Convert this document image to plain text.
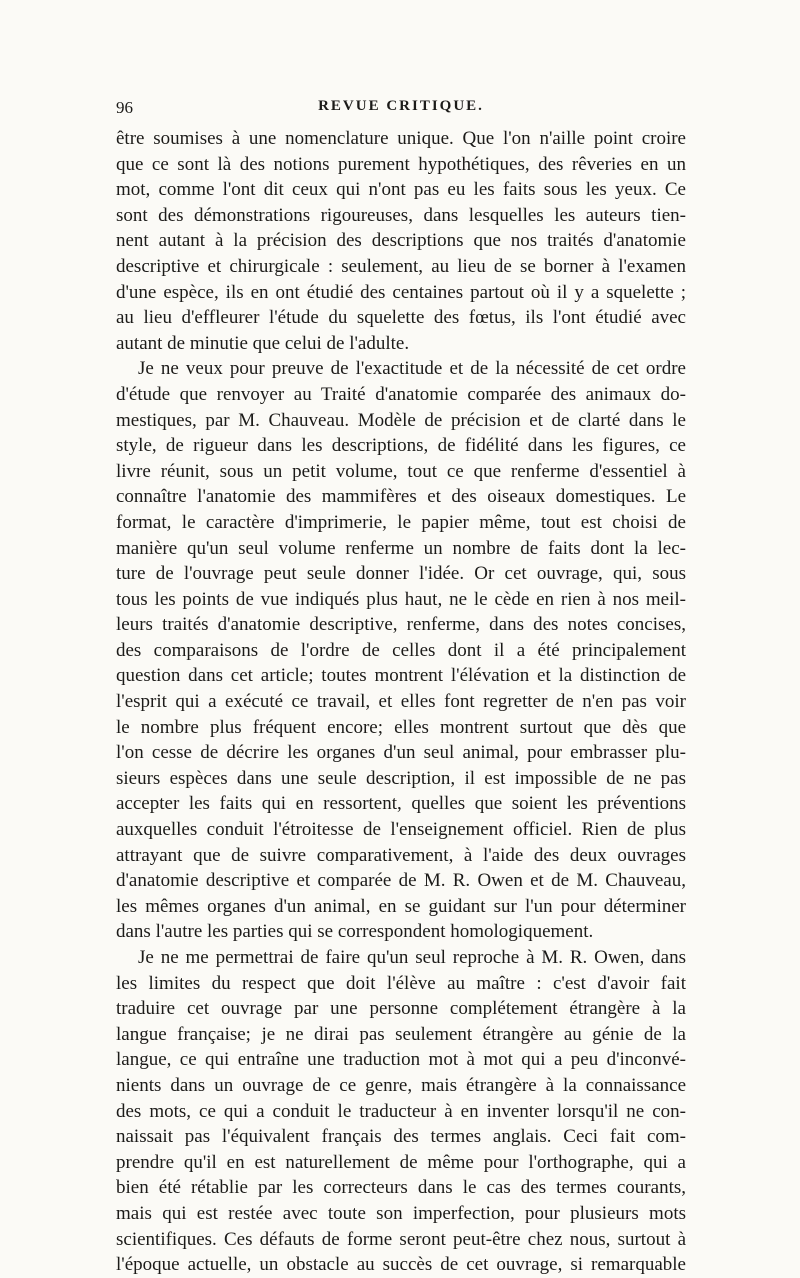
96	REVUE CRITIQUE.
être soumises à une nomenclature unique. Que l'on n'aille point croire
que ce sont là des notions purement hypothétiques, des rêveries en un
mot, comme l'ont dit ceux qui n'ont pas eu les faits sous les yeux. Ce
sont des démonstrations rigoureuses, dans lesquelles les auteurs tien-
nent autant à la précision des descriptions que nos traités d'anatomie
descriptive et chirurgicale : seulement, au lieu de se borner à l'examen
d'une espèce, ils en ont étudié des centaines partout où il y a squelette ;
au lieu d'effleurer l'étude du squelette des fœtus, ils l'ont étudié avec
autant de minutie que celui de l'adulte.
Je ne veux pour preuve de l'exactitude et de la nécessité de cet ordre
d'étude que renvoyer au Traité d'anatomie comparée des animaux do-
mestiques, par M. Chauveau. Modèle de précision et de clarté dans le
style, de rigueur dans les descriptions, de fidélité dans les figures, ce
livre réunit, sous un petit volume, tout ce que renferme d'essentiel à
connaître l'anatomie des mammifères et des oiseaux domestiques. Le
format, le caractère d'imprimerie, le papier même, tout est choisi de
manière qu'un seul volume renferme un nombre de faits dont la lec-
ture de l'ouvrage peut seule donner l'idée. Or cet ouvrage, qui, sous
tous les points de vue indiqués plus haut, ne le cède en rien à nos meil-
leurs traités d'anatomie descriptive, renferme, dans des notes concises,
des comparaisons de l'ordre de celles dont il a été principalement
question dans cet article; toutes montrent l'élévation et la distinction de
l'esprit qui a exécuté ce travail, et elles font regretter de n'en pas voir
le nombre plus fréquent encore; elles montrent surtout que dès que
l'on cesse de décrire les organes d'un seul animal, pour embrasser plu-
sieurs espèces dans une seule description, il est impossible de ne pas
accepter les faits qui en ressortent, quelles que soient les préventions
auxquelles conduit l'étroitesse de l'enseignement officiel. Rien de plus
attrayant que de suivre comparativement, à l'aide des deux ouvrages
d'anatomie descriptive et comparée de M. R. Owen et de M. Chauveau,
les mêmes organes d'un animal, en se guidant sur l'un pour déterminer
dans l'autre les parties qui se correspondent homologiquement.
Je ne me permettrai de faire qu'un seul reproche à M. R. Owen, dans
les limites du respect que doit l'élève au maître : c'est d'avoir fait
traduire cet ouvrage par une personne complétement étrangère à la
langue française; je ne dirai pas seulement étrangère au génie de la
langue, ce qui entraîne une traduction mot à mot qui a peu d'inconvé-
nients dans un ouvrage de ce genre, mais étrangère à la connaissance
des mots, ce qui a conduit le traducteur à en inventer lorsqu'il ne con-
naissait pas l'équivalent français des termes anglais. Ceci fait com-
prendre qu'il en est naturellement de même pour l'orthographe, qui a
bien été rétablie par les correcteurs dans le cas des termes courants,
mais qui est restée avec toute son imperfection, pour plusieurs mots
scientifiques. Ces défauts de forme seront peut-être chez nous, surtout à
l'époque actuelle, un obstacle au succès de cet ouvrage, si remarquable
